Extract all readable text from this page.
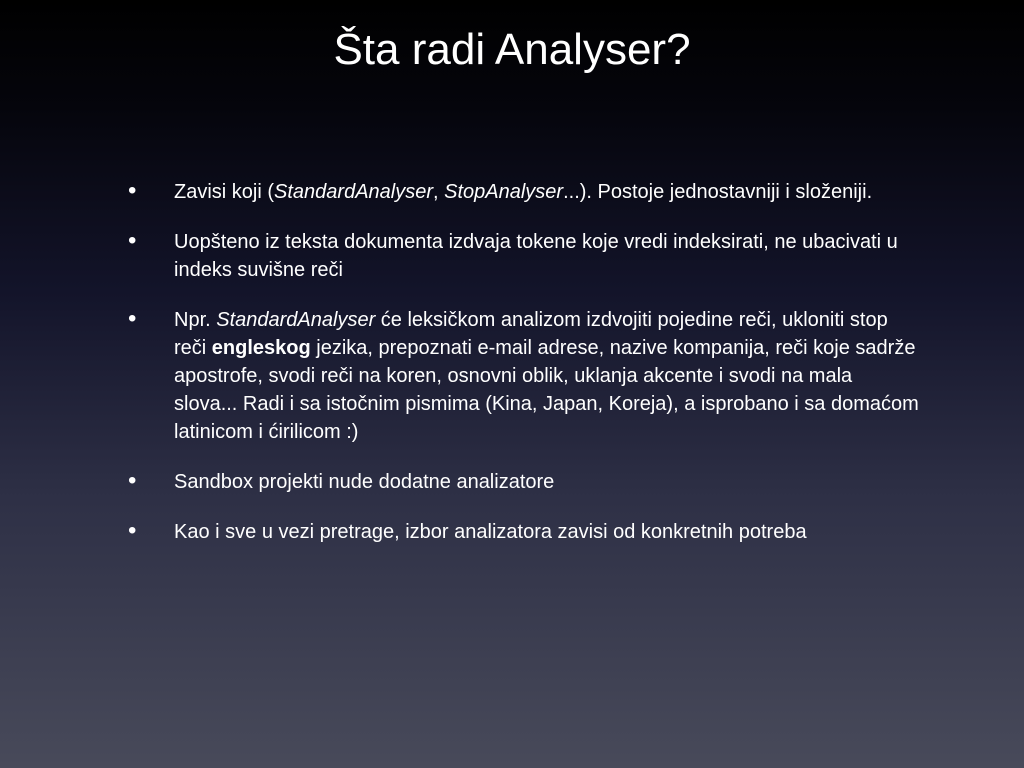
Šta radi Analyser?
• Zavisi koji (StandardAnalyser, StopAnalyser...). Postoje jednostavniji i složeniji.
• Uopšteno iz teksta dokumenta izdvaja tokene koje vredi indeksirati, ne ubacivati u indeks suvišne reči
• Npr. StandardAnalyser će leksičkom analizom izdvojiti pojedine reči, ukloniti stop reči engleskog jezika, prepoznati e-mail adrese, nazive kompanija, reči koje sadrže apostrofe, svodi reči na koren, osnovni oblik, uklanja akcente i svodi na mala slova... Radi i sa istočnim pismima (Kina, Japan, Koreja), a isprobano i sa domaćom latinicom i ćirilicom :)
• Sandbox projekti nude dodatne analizatore
• Kao i sve u vezi pretrage, izbor analizatora zavisi od konkretnih potreba
